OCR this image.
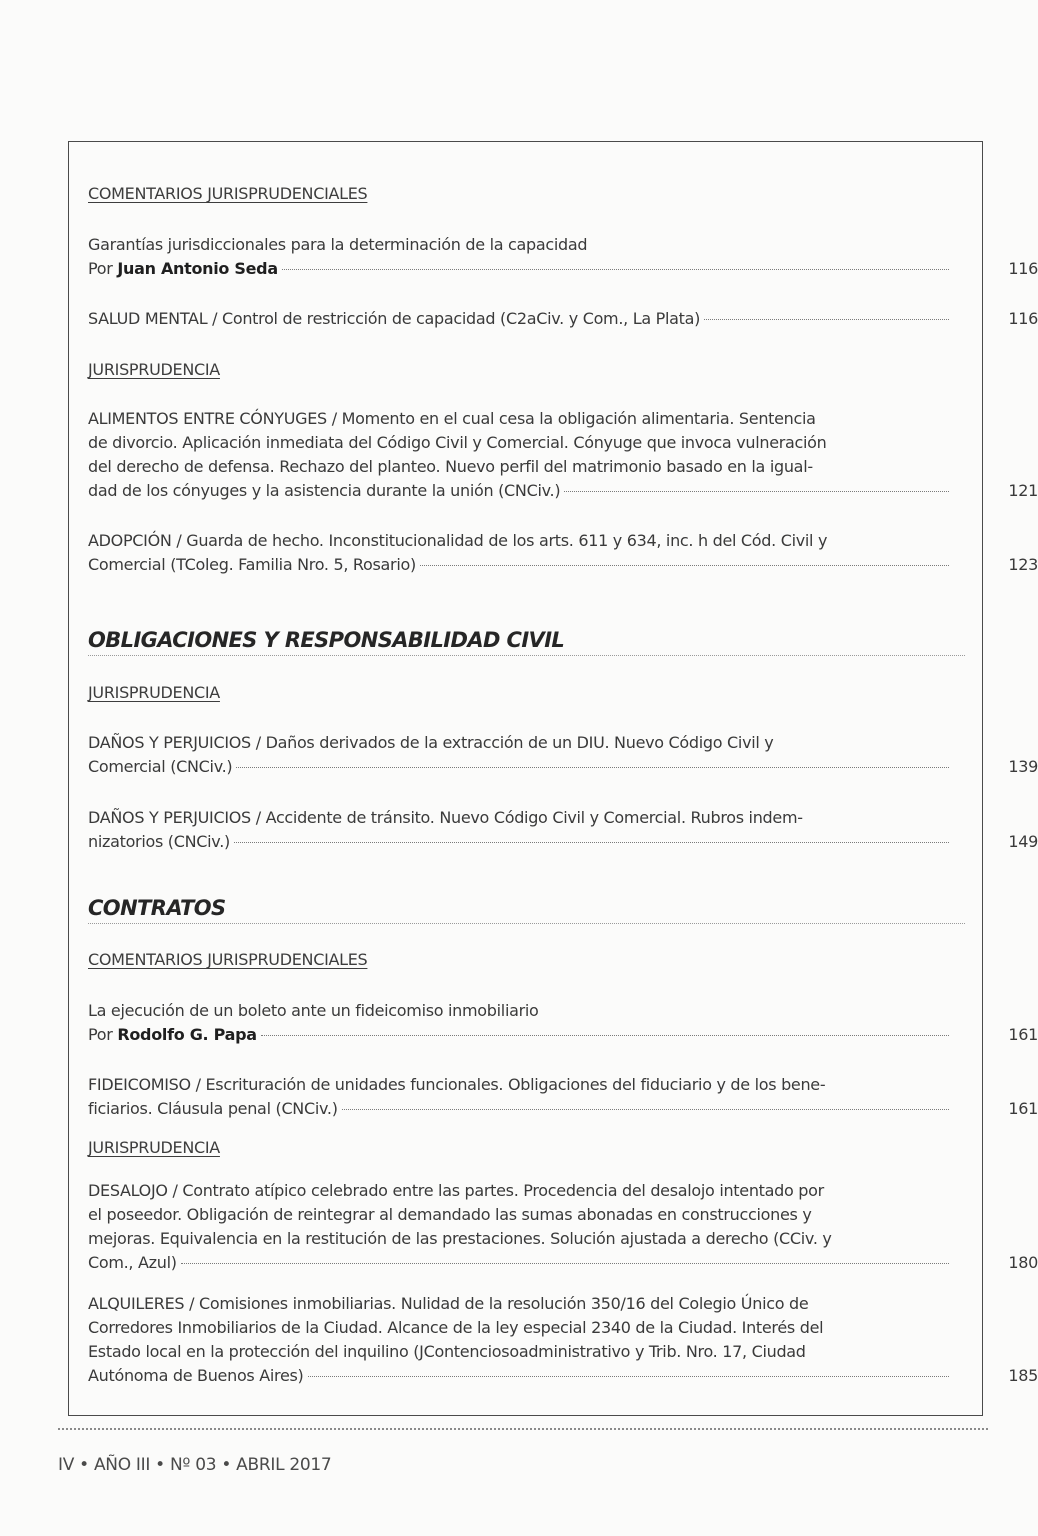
COMENTARIOS JURISPRUDENCIALES
Garantías jurisdiccionales para la determinación de la capacidad
Por Juan Antonio Seda	116
SALUD MENTAL / Control de restricción de capacidad (C2aCiv. y Com., La Plata)	116
JURISPRUDENCIA
ALIMENTOS ENTRE CÓNYUGES / Momento en el cual cesa la obligación alimentaria. Sentencia
de divorcio. Aplicación inmediata del Código Civil y Comercial. Cónyuge que invoca vulneración
del derecho de defensa. Rechazo del planteo. Nuevo perfil del matrimonio basado en la igual-
dad de los cónyuges y la asistencia durante la unión (CNCiv.)	121
ADOPCIÓN / Guarda de hecho. Inconstitucionalidad de los arts. 611 y 634, inc. h del Cód. Civil y
Comercial (TColeg. Familia Nro. 5, Rosario)	123
OBLIGACIONES Y RESPONSABILIDAD CIVIL
JURISPRUDENCIA
DAÑOS Y PERJUICIOS / Daños derivados de la extracción de un DIU. Nuevo Código Civil y
Comercial (CNCiv.)	139
DAÑOS Y PERJUICIOS / Accidente de tránsito. Nuevo Código Civil y Comercial. Rubros indem-
nizatorios (CNCiv.)	149
CONTRATOS
COMENTARIOS JURISPRUDENCIALES
La ejecución de un boleto ante un fideicomiso inmobiliario
Por Rodolfo G. Papa	161
FIDEICOMISO / Escrituración de unidades funcionales. Obligaciones del fiduciario y de los bene-
ficiarios. Cláusula penal (CNCiv.)	161
JURISPRUDENCIA
DESALOJO / Contrato atípico celebrado entre las partes. Procedencia del desalojo intentado por
el poseedor. Obligación de reintegrar al demandado las sumas abonadas en construcciones y
mejoras. Equivalencia en la restitución de las prestaciones. Solución ajustada a derecho (CCiv. y
Com., Azul)	180
ALQUILERES / Comisiones inmobiliarias. Nulidad de la resolución 350/16 del Colegio Único de
Corredores Inmobiliarios de la Ciudad. Alcance de la ley especial 2340 de la Ciudad. Interés del
Estado local en la protección del inquilino (JContenciosoadministrativo y Trib. Nro. 17, Ciudad
Autónoma de Buenos Aires)	185
IV • AÑO III • Nº 03 • ABRIL 2017
